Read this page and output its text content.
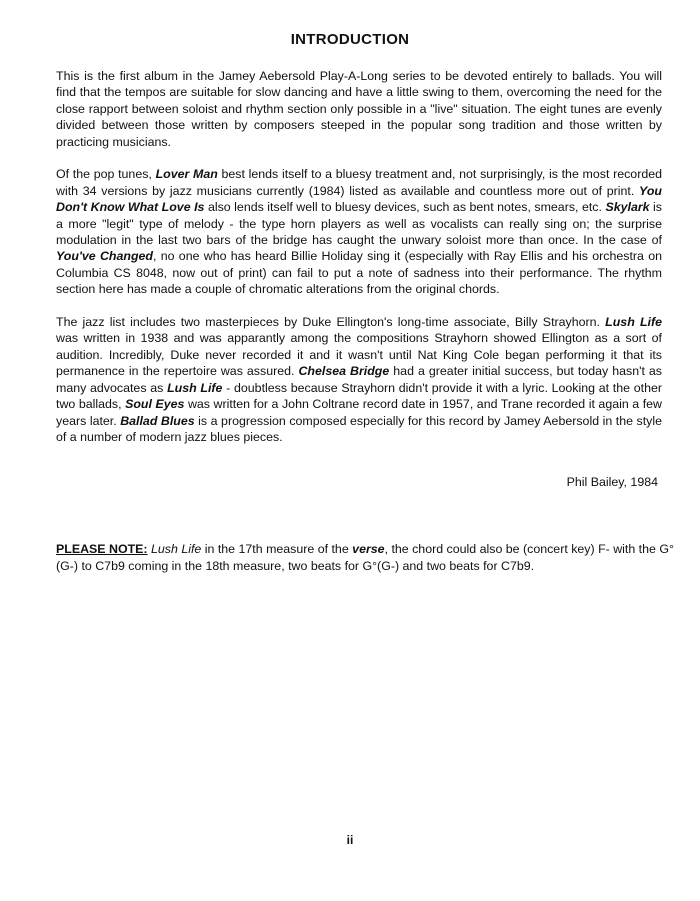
INTRODUCTION

This is the first album in the Jamey Aebersold Play-A-Long series to be devoted entirely to ballads. You will find that the tempos are suitable for slow dancing and have a little swing to them, overcoming the need for the close rapport between soloist and rhythm section only possible in a "live" situation. The eight tunes are evenly divided between those written by composers steeped in the popular song tradition and those written by practicing musicians.

Of the pop tunes, Lover Man best lends itself to a bluesy treatment and, not surprisingly, is the most recorded with 34 versions by jazz musicians currently (1984) listed as available and countless more out of print. You Don't Know What Love Is also lends itself well to bluesy devices, such as bent notes, smears, etc. Skylark is a more "legit" type of melody - the type horn players as well as vocalists can really sing on; the surprise modulation in the last two bars of the bridge has caught the unwary soloist more than once. In the case of You've Changed, no one who has heard Billie Holiday sing it (especially with Ray Ellis and his orchestra on Columbia CS 8048, now out of print) can fail to put a note of sadness into their performance. The rhythm section here has made a couple of chromatic alterations from the original chords.

The jazz list includes two masterpieces by Duke Ellington's long-time associate, Billy Strayhorn. Lush Life was written in 1938 and was apparantly among the compositions Strayhorn showed Ellington as a sort of audition. Incredibly, Duke never recorded it and it wasn't until Nat King Cole began performing it that its permanence in the repertoire was assured. Chelsea Bridge had a greater initial success, but today hasn't as many advocates as Lush Life - doubtless because Strayhorn didn't provide it with a lyric. Looking at the other two ballads, Soul Eyes was written for a John Coltrane record date in 1957, and Trane recorded it again a few years later. Ballad Blues is a progression composed especially for this record by Jamey Aebersold in the style of a number of modern jazz blues pieces.

Phil Bailey, 1984
PLEASE NOTE: Lush Life in the 17th measure of the verse, the chord could also be (concert key) F- with the G°(G-) to C7b9 coming in the 18th measure, two beats for G°(G-) and two beats for C7b9.
ii
